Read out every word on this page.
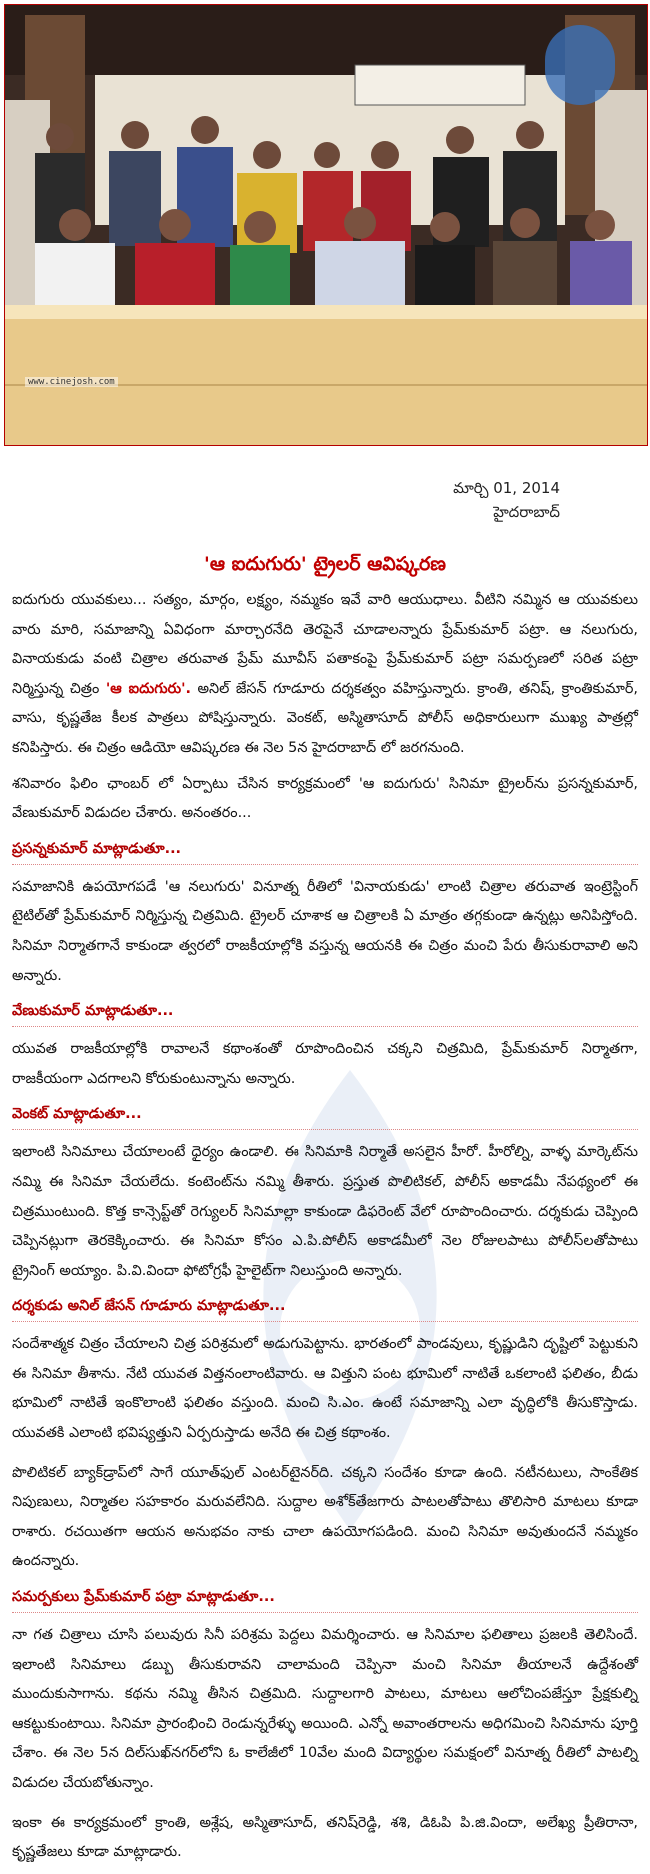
www.cinejosh.com
మార్చి 01, 2014
హైదరాబాద్
'ఆ ఐదుగురు' ట్రైలర్ ఆవిష్కరణ

ఐదుగురు యువకులు... సత్యం, మార్గం, లక్ష్యం, నమ్మకం ఇవే వారి ఆయుధాలు. వీటిని నమ్మిన ఆ యువకులు వారు మారి, సమాజాన్ని ఏవిధంగా మార్చారనేది తెరపైనే చూడాలన్నారు ప్రేమ్‌కుమార్ పట్రా. ఆ నలుగురు, వినాయకుడు వంటి చిత్రాల తరువాత ప్రేమ్ మూవీస్ పతాకంపై ప్రేమ్‌కుమార్ పట్రా సమర్పణలో సరిత పట్రా నిర్మిస్తున్న చిత్రం 'ఆ ఐదుగురు'. అనిల్ జేసన్ గూడూరు దర్శకత్వం వహిస్తున్నారు. క్రాంతి, తనిష్, క్రాంతికుమార్, వాసు, కృష్ణతేజ కీలక పాత్రలు పోషిస్తున్నారు. వెంకట్, అస్మితాసూద్ పోలీస్ అధికారులుగా ముఖ్య పాత్రల్లో కనిపిస్తారు. ఈ చిత్రం ఆడియో ఆవిష్కరణ ఈ నెల 5న హైదరాబాద్ లో జరగనుంది.

శనివారం ఫిలిం ఛాంబర్ లో ఏర్పాటు చేసిన కార్యక్రమంలో 'ఆ ఐదుగురు' సినిమా ట్రైలర్‌ను ప్రసన్నకుమార్, వేణుకుమార్ విడుదల చేశారు. అనంతరం...

ప్రసన్నకుమార్ మాట్లాడుతూ...

సమాజానికి ఉపయోగపడే 'ఆ నలుగురు' వినూత్న రీతిలో 'వినాయకుడు' లాంటి చిత్రాల తరువాత ఇంట్రెస్టింగ్ టైటిల్‌తో ప్రేమ్‌కుమార్ నిర్మిస్తున్న చిత్రమిది. ట్రైలర్ చూశాక ఆ చిత్రాలకి ఏ మాత్రం తగ్గకుండా ఉన్నట్లు అనిపిస్తోంది. సినిమా నిర్మాతగానే కాకుండా త్వరలో రాజకీయాల్లోకి వస్తున్న ఆయనకి ఈ చిత్రం మంచి పేరు తీసుకురావాలి అని అన్నారు.

వేణుకుమార్ మాట్లాడుతూ...

యువత రాజకీయాల్లోకి రావాలనే కథాంశంతో రూపొందించిన చక్కని చిత్రమిది, ప్రేమ్‌కుమార్ నిర్మాతగా, రాజకీయంగా ఎదగాలని కోరుకుంటున్నాను అన్నారు.

వెంకట్ మాట్లాడుతూ...

ఇలాంటి సినిమాలు చేయాలంటే ధైర్యం ఉండాలి. ఈ సినిమాకి నిర్మాతే అసలైన హీరో. హీరోల్ని, వాళ్ళ మార్కెట్‌ను నమ్మి ఈ సినిమా చేయలేదు. కంటెంట్‌ను నమ్మి తీశారు. ప్రస్తుత పొలిటికల్, పోలీస్ అకాడమీ నేపథ్యంలో ఈ చిత్రముంటుంది. కొత్త కాన్సెప్ట్‌తో రెగ్యులర్ సినిమాల్లా కాకుండా డిఫరెంట్ వేలో రూపొందించారు. దర్శకుడు చెప్పింది చెప్పినట్లుగా తెరకెక్కించారు. ఈ సినిమా కోసం ఎ.పి.పోలీస్ అకాడమీలో నెల రోజులపాటు పోలీస్‌లతోపాటు ట్రైనింగ్ అయ్యాం. పి.వి.విందా ఫోటోగ్రఫీ హైలైట్‌గా నిలుస్తుంది అన్నారు.

దర్శకుడు అనిల్ జేసన్ గూడూరు మాట్లాడుతూ...

సందేశాత్మక చిత్రం చేయాలని చిత్ర పరిశ్రమలో అడుగుపెట్టాను. భారతంలో పాండవులు, కృష్ణుడిని దృష్టిలో పెట్టుకుని ఈ సినిమా తీశాను. నేటి యువత విత్తనంలాంటివారు. ఆ విత్తుని పంట భూమిలో నాటితే ఒకలాంటి ఫలితం, బీడు భూమిలో నాటితే ఇంకొలాంటి ఫలితం వస్తుంది. మంచి సి.ఎం. ఉంటే సమాజాన్ని ఎలా వృద్ధిలోకి తీసుకొస్తాడు. యువతకి ఎలాంటి భవిష్యత్తుని ఏర్పరుస్తాడు అనేది ఈ చిత్ర కథాంశం.

పొలిటికల్ బ్యాక్‌డ్రాప్‌లో సాగే యూత్‌ఫుల్ ఎంటర్‌టైనర్‌ది. చక్కని సందేశం కూడా ఉంది. నటీనటులు, సాంకేతిక నిపుణులు, నిర్మాతల సహకారం మరువలేనిది. సుద్దాల అశోక్‌తేజగారు పాటలతోపాటు తొలిసారి మాటలు కూడా రాశారు. రచయితగా ఆయన అనుభవం నాకు చాలా ఉపయోగపడింది. మంచి సినిమా అవుతుందనే నమ్మకం ఉందన్నారు.

సమర్పకులు ప్రేమ్‌కుమార్ పట్రా మాట్లాడుతూ...

నా గత చిత్రాలు చూసి పలువురు సినీ పరిశ్రమ పెద్దలు విమర్శించారు. ఆ సినిమాల ఫలితాలు ప్రజలకి తెలిసిందే. ఇలాంటి సినిమాలు డబ్బు తీసుకురావని చాలామంది చెప్పినా మంచి సినిమా తీయాలనే ఉద్దేశంతో ముందుకుసాగాను. కథను నమ్మి తీసిన చిత్రమిది. సుద్దాలగారి పాటలు, మాటలు ఆలోచింపజేస్తూ ప్రేక్షకుల్ని ఆకట్టుకుంటాయి. సినిమా ప్రారంభించి రెండున్నరేళ్ళు అయింది. ఎన్నో అవాంతరాలను అధిగమించి సినిమాను పూర్తి చేశాం. ఈ నెల 5న దిల్‌సుఖ్‌నగర్‌లోని ఓ కాలేజీలో 10వేల మంది విద్యార్థుల సమక్షంలో వినూత్న రీతిలో పాటల్ని విడుదల చేయబోతున్నాం.

ఇంకా ఈ కార్యక్రమంలో క్రాంతి, అశ్లేష, అస్మితాసూద్, తనిష్‌రెడ్డి, శశి, డిఓపి పి.జి.విందా, అలేఖ్య ప్రీతిరానా, కృష్ణతేజలు కూడా మాట్లాడారు.
